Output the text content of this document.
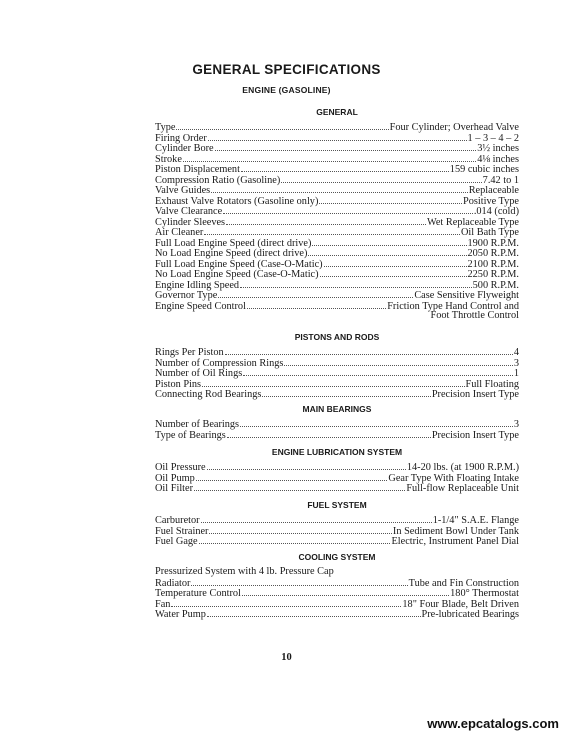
GENERAL SPECIFICATIONS
ENGINE (GASOLINE)
GENERAL
Type	Four Cylinder; Overhead Valve
Firing Order	1 – 3 – 4 – 2
Cylinder Bore	3½ inches
Stroke	4⅛ inches
Piston Displacement	159 cubic inches
Compression Ratio (Gasoline)	7.42 to 1
Valve Guides	Replaceable
Exhaust Valve Rotators (Gasoline only)	Positive Type
Valve Clearance	.014 (cold)
Cylinder Sleeves	Wet Replaceable Type
Air Cleaner	Oil Bath Type
Full Load Engine Speed (direct drive)	1900 R.P.M.
No Load Engine Speed (direct drive)	2050 R.P.M.
Full Load Engine Speed (Case-O-Matic)	2100 R.P.M.
No Load Engine Speed (Case-O-Matic)	2250 R.P.M.
Engine Idling Speed	500 R.P.M.
Governor Type	Case Sensitive Flyweight
Engine Speed Control	Friction Type Hand Control and
Foot Throttle Control
PISTONS AND RODS
Rings Per Piston	4
Number of Compression Rings	3
Number of Oil Rings	1
Piston Pins	Full Floating
Connecting Rod Bearings	Precision Insert Type
MAIN BEARINGS
Number of Bearings	3
Type of Bearings	Precision Insert Type
ENGINE LUBRICATION SYSTEM
Oil Pressure	14-20 lbs. (at 1900 R.P.M.)
Oil Pump	Gear Type With Floating Intake
Oil Filter	Full-flow Replaceable Unit
FUEL SYSTEM
Carburetor	1-1/4" S.A.E. Flange
Fuel Strainer	In Sediment Bowl Under Tank
Fuel Gage	Electric, Instrument Panel Dial
COOLING SYSTEM
Pressurized System with 4 lb. Pressure Cap
Radiator	Tube and Fin Construction
Temperature Control	180° Thermostat
Fan	18" Four Blade, Belt Driven
Water Pump	Pre-lubricated Bearings
10
www.epcatalogs.com
